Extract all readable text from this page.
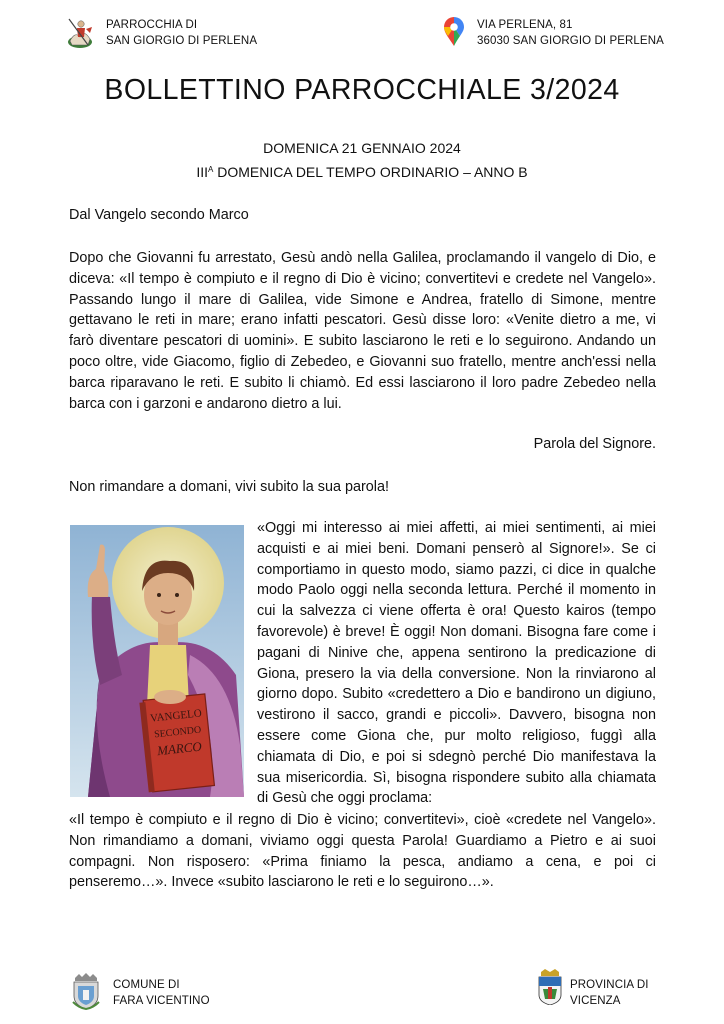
PARROCCHIA DI
SAN GIORGIO DI PERLENA
VIA PERLENA, 81
36030 SAN GIORGIO DI PERLENA
BOLLETTINO PARROCCHIALE 3/2024
DOMENICA 21 GENNAIO 2024
$III^A$ DOMENICA DEL TEMPO ORDINARIO – ANNO B
Dal Vangelo secondo Marco
Dopo che Giovanni fu arrestato, Gesù andò nella Galilea, proclamando il vangelo di Dio, e diceva: «Il tempo è compiuto e il regno di Dio è vicino; convertitevi e credete nel Vangelo». Passando lungo il mare di Galilea, vide Simone e Andrea, fratello di Simone, mentre gettavano le reti in mare; erano infatti pescatori. Gesù disse loro: «Venite dietro a me, vi farò diventare pescatori di uomini». E subito lasciarono le reti e lo seguirono. Andando un poco oltre, vide Giacomo, figlio di Zebedeo, e Giovanni suo fratello, mentre anch'essi nella barca riparavano le reti. E subito li chiamò. Ed essi lasciarono il loro padre Zebedeo nella barca con i garzoni e andarono dietro a lui.
Parola del Signore.
Non rimandare a domani, vivi subito la sua parola!
VANGELO
SECONDO
MARCO
«Oggi mi interesso ai miei affetti, ai miei sentimenti, ai miei acquisti e ai miei beni. Domani penserò al Signore!». Se ci comportiamo in questo modo, siamo pazzi, ci dice in qualche modo Paolo oggi nella seconda lettura. Perché il momento in cui la salvezza ci viene offerta è ora! Questo kairos (tempo favorevole) è breve! È oggi! Non domani. Bisogna fare come i pagani di Ninive che, appena sentirono la predicazione di Giona, presero la via della conversione. Non la rinviarono al giorno dopo. Subito «credettero a Dio e bandirono un digiuno, vestirono il sacco, grandi e piccoli». Davvero, bisogna non essere come Giona che, pur molto religioso, fuggì alla chiamata di Dio, e poi si sdegnò perché Dio manifestava la sua misericordia. Sì, bisogna rispondere subito alla chiamata di Gesù che oggi proclama:
«Il tempo è compiuto e il regno di Dio è vicino; convertitevi», cioè «credete nel Vangelo». Non rimandiamo a domani, viviamo oggi questa Parola! Guardiamo a Pietro e ai suoi compagni. Non risposero: «Prima finiamo la pesca, andiamo a cena, e poi ci penseremo…». Invece «subito lasciarono le reti e lo seguirono…».
COMUNE DI
FARA VICENTINO
PROVINCIA DI
VICENZA
